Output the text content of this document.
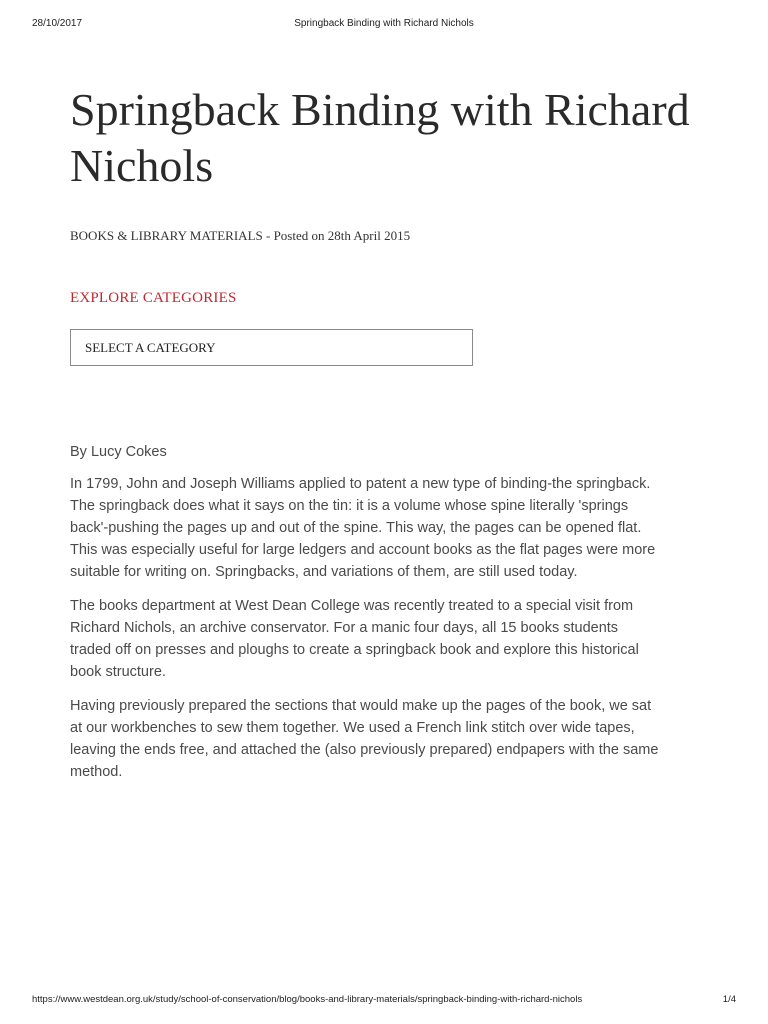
28/10/2017	Springback Binding with Richard Nichols
Springback Binding with Richard Nichols
BOOKS & LIBRARY MATERIALS - Posted on 28th April 2015
EXPLORE CATEGORIES
SELECT A CATEGORY

By Lucy Cokes

In 1799, John and Joseph Williams applied to patent a new type of binding-the springback. The springback does what it says on the tin: it is a volume whose spine literally 'springs back'-pushing the pages up and out of the spine. This way, the pages can be opened flat. This was especially useful for large ledgers and account books as the flat pages were more suitable for writing on. Springbacks, and variations of them, are still used today.

The books department at West Dean College was recently treated to a special visit from Richard Nichols, an archive conservator. For a manic four days, all 15 books students traded off on presses and ploughs to create a springback book and explore this historical book structure.

Having previously prepared the sections that would make up the pages of the book, we sat at our workbenches to sew them together. We used a French link stitch over wide tapes, leaving the ends free, and attached the (also previously prepared) endpapers with the same method.

https://www.westdean.org.uk/study/school-of-conservation/blog/books-and-library-materials/springback-binding-with-richard-nichols	1/4
